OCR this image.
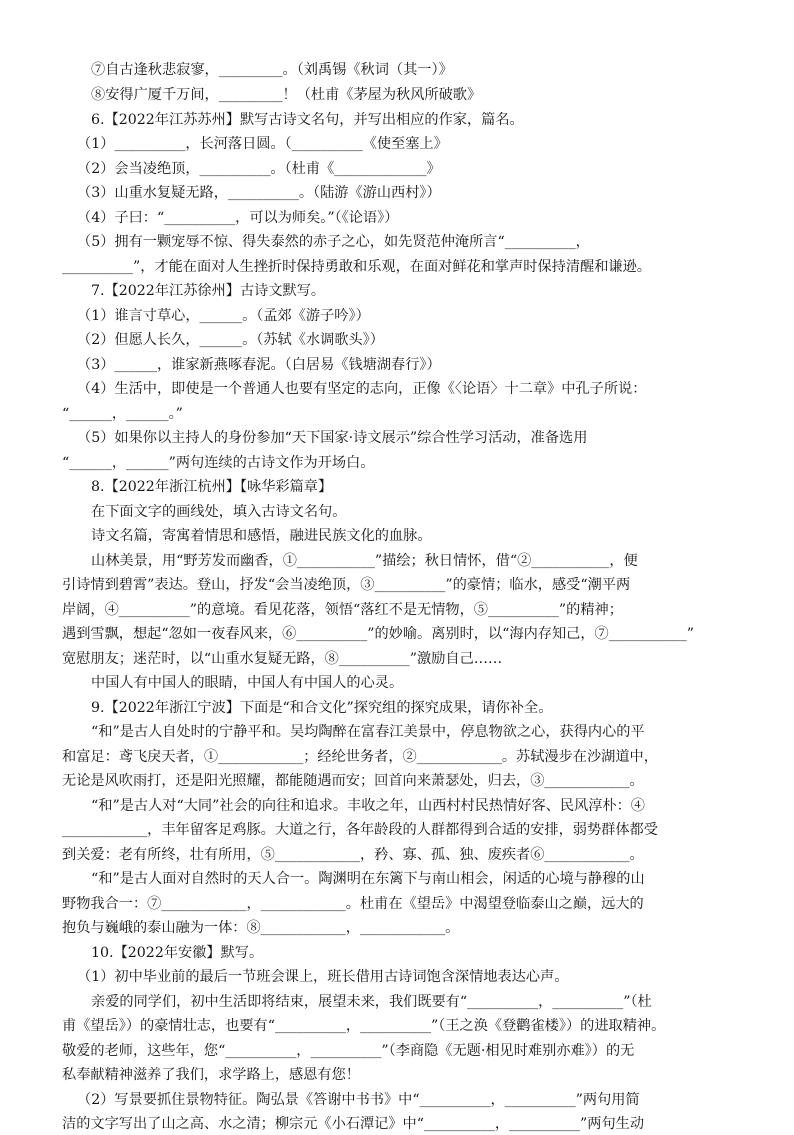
⑦自古逢秋悲寂寥，_________。（刘禹锡《秋词（其一）》
⑧安得广厦千万间，_________！（杜甫《茅屋为秋风所破歌》
6.【2022年江苏苏州】默写古诗文名句，并写出相应的作家，篇名。
（1）__________，长河落日圆。（__________《使至塞上》
（2）会当凌绝顶，__________。（杜甫《_____________》
（3）山重水复疑无路，__________。（陆游《游山西村》）
（4）子曰：“__________，可以为师矣。”（《论语》）
（5）拥有一颗宠辱不惊、得失泰然的赤子之心，如先贤范仲淹所言“__________，
__________”，才能在面对人生挫折时保持勇敢和乐观，在面对鲜花和掌声时保持清醒和谦逊。
7.【2022年江苏徐州】古诗文默写。
（1）谁言寸草心，______。（孟郊《游子吟》）
（2）但愿人长久，______。（苏轼《水调歌头》）
（3）______，谁家新燕啄春泥。（白居易《钱塘湖春行》）
（4）生活中，即使是一个普通人也要有坚定的志向，正像《〈论语〉十二章》中孔子所说：
“______，______。”
（5）如果你以主持人的身份参加“天下国家·诗文展示”综合性学习活动，准备选用
“______，______”两句连续的古诗文作为开场白。
8.【2022年浙江杭州】【咏华彩篇章】
在下面文字的画线处，填入古诗文名句。
诗文名篇，寄寓着情思和感悟，融进民族文化的血脉。
山林美景，用“野芳发而幽香，①___________”描绘；秋日情怀，借“②___________，便
引诗情到碧霄”表达。登山，抒发“会当凌绝顶，③__________”的豪情；临水，感受“潮平两
岸阔，④__________”的意境。看见花落，领悟“落红不是无情物，⑤__________”的精神；
遇到雪飘，想起“忽如一夜春风来，⑥__________”的妙喻。离别时，以“海内存知己，⑦___________”
宽慰朋友；迷茫时，以“山重水复疑无路，⑧__________”激励自己……
中国人有中国人的眼睛，中国人有中国人的心灵。
9.【2022年浙江宁波】下面是“和合文化”探究组的探究成果，请你补全。
“和”是古人自处时的宁静平和。吴均陶醉在富春江美景中，停息物欲之心，获得内心的平
和富足：鸢飞戾天者，①____________；经纶世务者，②____________。苏轼漫步在沙湖道中，
无论是风吹雨打，还是阳光照耀，都能随遇而安；回首向来萧瑟处，归去，③____________。
“和”是古人对“大同”社会的向往和追求。丰收之年，山西村村民热情好客、民风淳朴：④
____________，丰年留客足鸡豚。大道之行，各年龄段的人群都得到合适的安排，弱势群体都受
到关爱：老有所终，壮有所用，⑤____________，矜、寡、孤、独、废疾者⑥____________。
“和”是古人面对自然时的天人合一。陶渊明在东篱下与南山相会，闲适的心境与静穆的山
野物我合一：⑦____________，____________。杜甫在《望岳》中渴望登临泰山之巅，远大的
抱负与巍峨的泰山融为一体：⑧____________，____________。
10.【2022年安徽】默写。
（1）初中毕业前的最后一节班会课上，班长借用古诗词饱含深情地表达心声。
亲爱的同学们，初中生活即将结束，展望未来，我们既要有“__________，__________”（杜
甫《望岳》）的豪情壮志，也要有“__________，__________”（王之涣《登鹳雀楼》）的进取精神。
敬爱的老师，这些年，您“__________，__________”（李商隐《无题·相见时难别亦难》）的无
私奉献精神滋养了我们，求学路上，感恩有您！
（2）写景要抓住景物特征。陶弘景《答谢中书书》中“__________，__________”两句用简
洁的文字写出了山之高、水之清；柳宗元《小石潭记》中“__________，__________”两句生动
